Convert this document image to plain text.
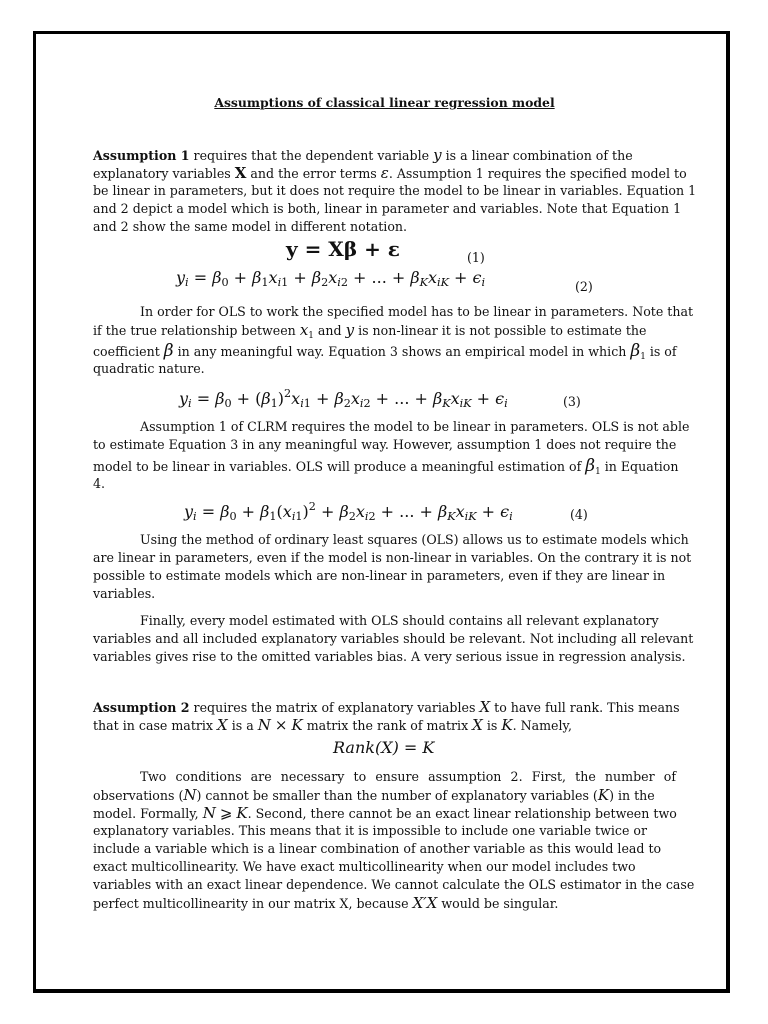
Assumptions of classical linear regression model
Assumption 1 requires that the dependent variable y is a linear combination of the
explanatory variables X and the error terms ε. Assumption 1 requires the specified model to
be linear in parameters, but it does not require the model to be linear in variables. Equation 1
and 2 depict a model which is both, linear in parameter and variables. Note that Equation 1
and 2 show the same model in different notation.
y = Xβ + ε	(1)
$y_i = \beta_0 + \beta_1x_{i1} + \beta_2x_{i2}$ + ... + $\beta_Kx_{iK} + \epsilon_i$	(2)
In order for OLS to work the specified model has to be linear in parameters. Note that
if the true relationship between $x_1$ and y is non-linear it is not possible to estimate the
coefficient β in any meaningful way. Equation 3 shows an empirical model in which $\beta_1$ is of
quadratic nature.
$y_i = \beta_0 + (\beta_1)^2x_{i1} + \beta_2x_{i2}$ + ... + $\beta_Kx_{iK} + \epsilon_i$	(3)
Assumption 1 of CLRM requires the model to be linear in parameters. OLS is not able
to estimate Equation 3 in any meaningful way. However, assumption 1 does not require the
model to be linear in variables. OLS will produce a meaningful estimation of $\beta_1$ in Equation
4.
$y_i = \beta_0 + \beta_1(x_{i1})^2 + \beta_2x_{i2}$ + ... + $\beta_Kx_{iK} + \epsilon_i$	(4)
Using the method of ordinary least squares (OLS) allows us to estimate models which
are linear in parameters, even if the model is non-linear in variables. On the contrary it is not
possible to estimate models which are non-linear in parameters, even if they are linear in
variables.
Finally, every model estimated with OLS should contains all relevant explanatory
variables and all included explanatory variables should be relevant. Not including all relevant
variables gives rise to the omitted variables bias. A very serious issue in regression analysis.
Assumption 2 requires the matrix of explanatory variables X to have full rank. This means
that in case matrix X is a N × K matrix the rank of matrix X is K. Namely,
Rank(X) = K
Two conditions are necessary to ensure assumption 2. First, the number of
observations (N) cannot be smaller than the number of explanatory variables (K) in the
model. Formally, N ⩾ K. Second, there cannot be an exact linear relationship between two
explanatory variables. This means that it is impossible to include one variable twice or
include a variable which is a linear combination of another variable as this would lead to
exact multicollinearity. We have exact multicollinearity when our model includes two
variables with an exact linear dependence. We cannot calculate the OLS estimator in the case
perfect multicollinearity in our matrix X, because X′X would be singular.
